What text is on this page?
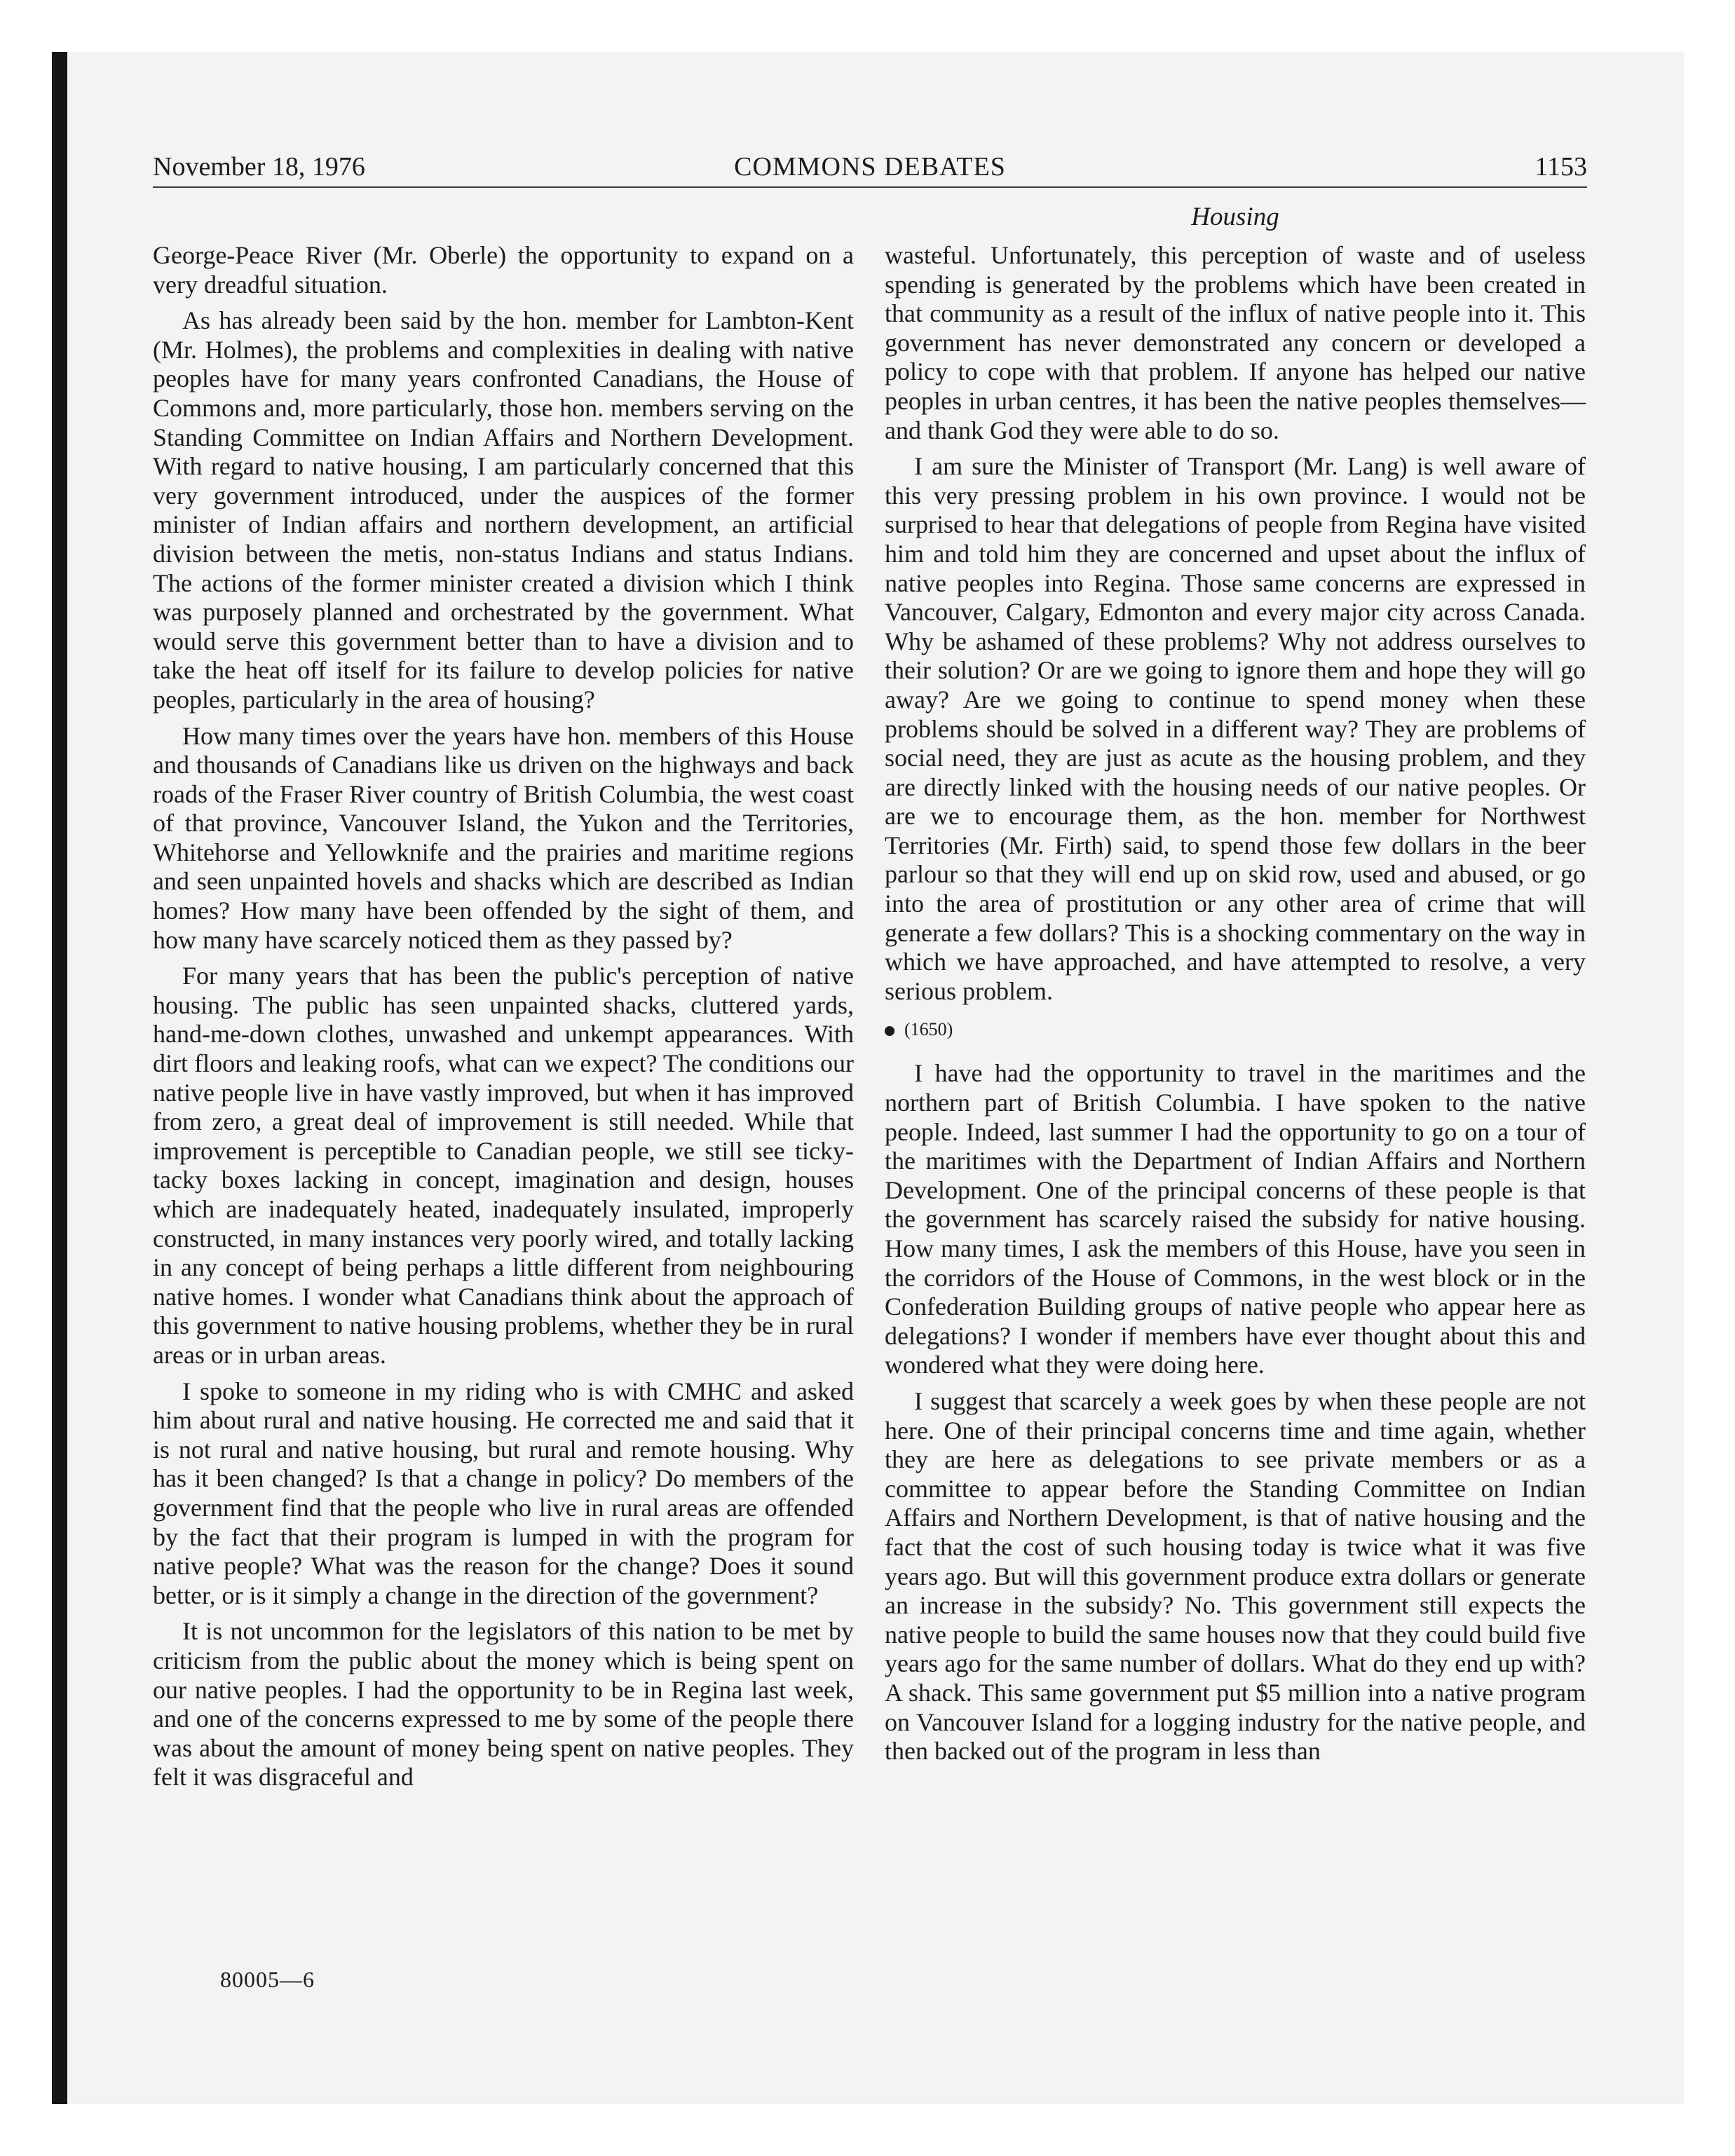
November 18, 1976	COMMONS DEBATES	1153
Housing

George-Peace River (Mr. Oberle) the opportunity to expand on a very dreadful situation.

As has already been said by the hon. member for Lambton-Kent (Mr. Holmes), the problems and complexities in dealing with native peoples have for many years confronted Canadians, the House of Commons and, more particularly, those hon. members serving on the Standing Committee on Indian Affairs and Northern Development. With regard to native housing, I am particularly concerned that this very government introduced, under the auspices of the former minister of Indian affairs and northern development, an artificial division between the metis, non-status Indians and status Indians. The actions of the former minister created a division which I think was purposely planned and orchestrated by the government. What would serve this government better than to have a division and to take the heat off itself for its failure to develop policies for native peoples, particularly in the area of housing?

How many times over the years have hon. members of this House and thousands of Canadians like us driven on the highways and back roads of the Fraser River country of British Columbia, the west coast of that province, Vancouver Island, the Yukon and the Territories, Whitehorse and Yellowknife and the prairies and maritime regions and seen unpainted hovels and shacks which are described as Indian homes? How many have been offended by the sight of them, and how many have scarcely noticed them as they passed by?

For many years that has been the public's perception of native housing. The public has seen unpainted shacks, cluttered yards, hand-me-down clothes, unwashed and unkempt appearances. With dirt floors and leaking roofs, what can we expect? The conditions our native people live in have vastly improved, but when it has improved from zero, a great deal of improvement is still needed. While that improvement is perceptible to Canadian people, we still see ticky-tacky boxes lacking in concept, imagination and design, houses which are inadequately heated, inadequately insulated, improperly constructed, in many instances very poorly wired, and totally lacking in any concept of being perhaps a little different from neighbouring native homes. I wonder what Canadians think about the approach of this government to native housing problems, whether they be in rural areas or in urban areas.

I spoke to someone in my riding who is with CMHC and asked him about rural and native housing. He corrected me and said that it is not rural and native housing, but rural and remote housing. Why has it been changed? Is that a change in policy? Do members of the government find that the people who live in rural areas are offended by the fact that their program is lumped in with the program for native people? What was the reason for the change? Does it sound better, or is it simply a change in the direction of the government?

It is not uncommon for the legislators of this nation to be met by criticism from the public about the money which is being spent on our native peoples. I had the opportunity to be in Regina last week, and one of the concerns expressed to me by some of the people there was about the amount of money being spent on native peoples. They felt it was disgraceful and

wasteful. Unfortunately, this perception of waste and of useless spending is generated by the problems which have been created in that community as a result of the influx of native people into it. This government has never demonstrated any concern or developed a policy to cope with that problem. If anyone has helped our native peoples in urban centres, it has been the native peoples themselves—and thank God they were able to do so.

I am sure the Minister of Transport (Mr. Lang) is well aware of this very pressing problem in his own province. I would not be surprised to hear that delegations of people from Regina have visited him and told him they are concerned and upset about the influx of native peoples into Regina. Those same concerns are expressed in Vancouver, Calgary, Edmonton and every major city across Canada. Why be ashamed of these problems? Why not address ourselves to their solution? Or are we going to ignore them and hope they will go away? Are we going to continue to spend money when these problems should be solved in a different way? They are problems of social need, they are just as acute as the housing problem, and they are directly linked with the housing needs of our native peoples. Or are we to encourage them, as the hon. member for Northwest Territories (Mr. Firth) said, to spend those few dollars in the beer parlour so that they will end up on skid row, used and abused, or go into the area of prostitution or any other area of crime that will generate a few dollars? This is a shocking commentary on the way in which we have approached, and have attempted to resolve, a very serious problem.

(1650)

I have had the opportunity to travel in the maritimes and the northern part of British Columbia. I have spoken to the native people. Indeed, last summer I had the opportunity to go on a tour of the maritimes with the Department of Indian Affairs and Northern Development. One of the principal concerns of these people is that the government has scarcely raised the subsidy for native housing. How many times, I ask the members of this House, have you seen in the corridors of the House of Commons, in the west block or in the Confederation Building groups of native people who appear here as delegations? I wonder if members have ever thought about this and wondered what they were doing here.

I suggest that scarcely a week goes by when these people are not here. One of their principal concerns time and time again, whether they are here as delegations to see private members or as a committee to appear before the Standing Committee on Indian Affairs and Northern Development, is that of native housing and the fact that the cost of such housing today is twice what it was five years ago. But will this government produce extra dollars or generate an increase in the subsidy? No. This government still expects the native people to build the same houses now that they could build five years ago for the same number of dollars. What do they end up with? A shack. This same government put $5 million into a native program on Vancouver Island for a logging industry for the native people, and then backed out of the program in less than

80005—6
